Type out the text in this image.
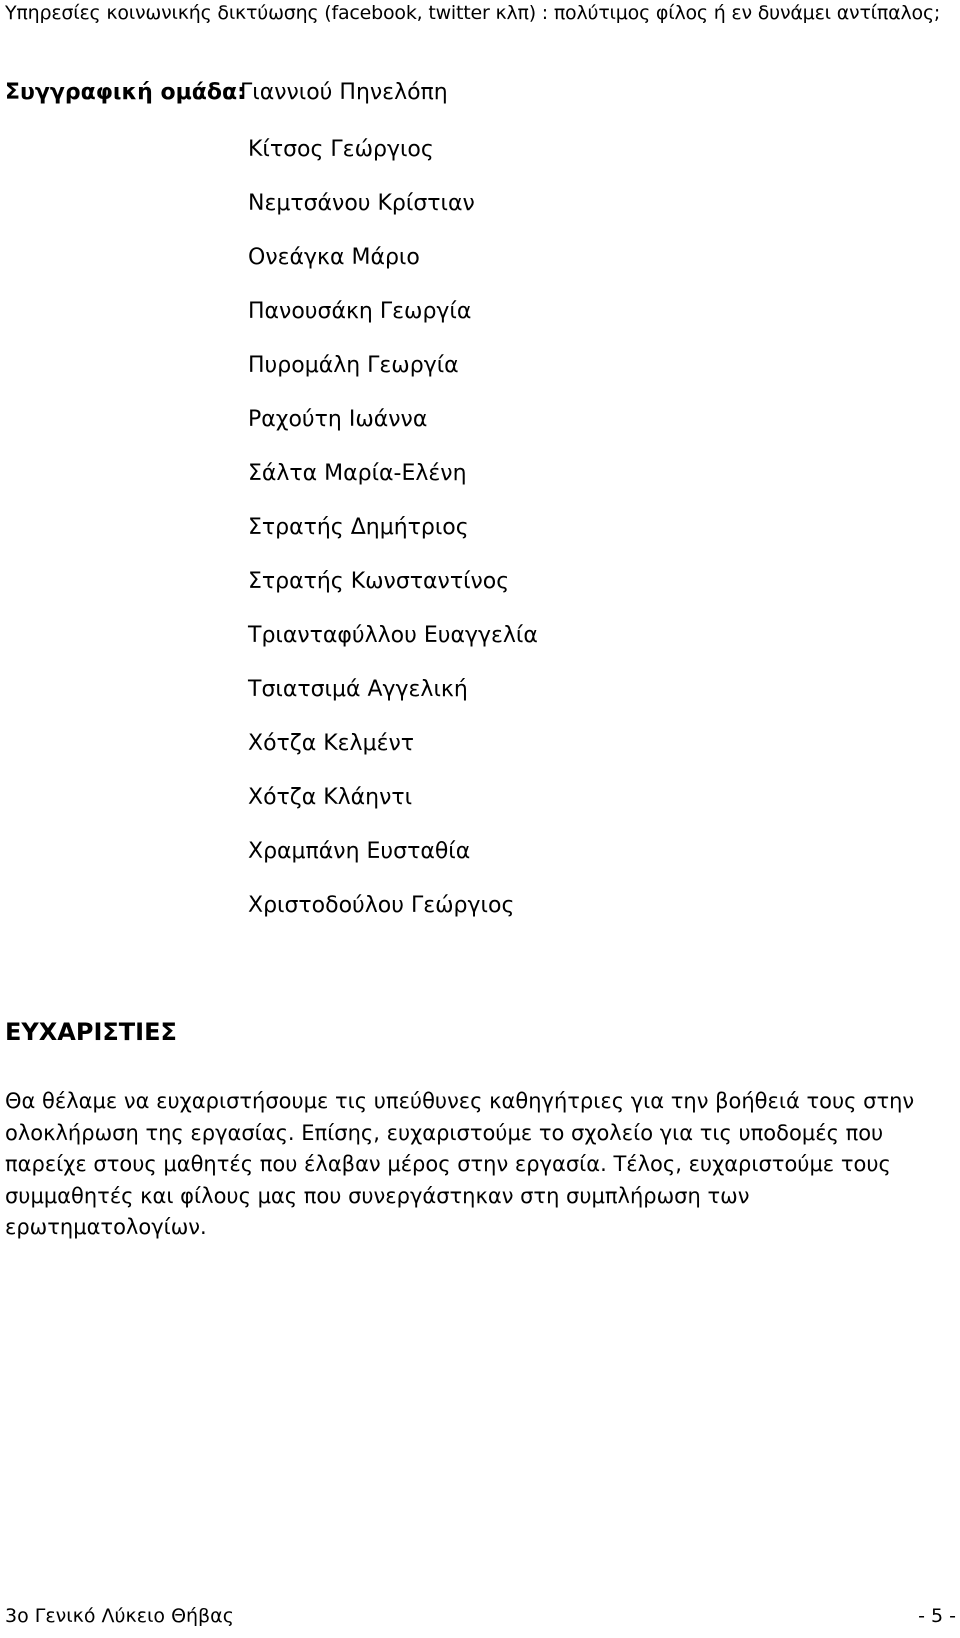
Υπηρεσίες κοινωνικής δικτύωσης (facebook, twitter κλπ) : πολύτιμος φίλος ή εν δυνάμει αντίπαλος;
Συγγραφική ομάδα:
Γιαννιού Πηνελόπη
Κίτσος Γεώργιος
Νεμτσάνου Κρίστιαν
Ονεάγκα Μάριο
Πανουσάκη Γεωργία
Πυρομάλη Γεωργία
Ραχούτη Ιωάννα
Σάλτα Μαρία-Ελένη
Στρατής Δημήτριος
Στρατής Κωνσταντίνος
Τριανταφύλλου Ευαγγελία
Τσιατσιμά Αγγελική
Χότζα Κελμέντ
Χότζα Κλάηντι
Χραμπάνη Ευσταθία
Χριστοδούλου Γεώργιος
ΕΥΧΑΡΙΣΤΙΕΣ

Θα θέλαμε να ευχαριστήσουμε τις υπεύθυνες καθηγήτριες για την βοήθειά τους στην ολοκλήρωση της εργασίας. Επίσης, ευχαριστούμε το σχολείο για τις υποδομές που παρείχε στους μαθητές που έλαβαν μέρος στην εργασία. Τέλος, ευχαριστούμε τους συμμαθητές και φίλους μας που συνεργάστηκαν στη συμπλήρωση των ερωτηματολογίων.

3ο Γενικό Λύκειο Θήβας	- 5 -
